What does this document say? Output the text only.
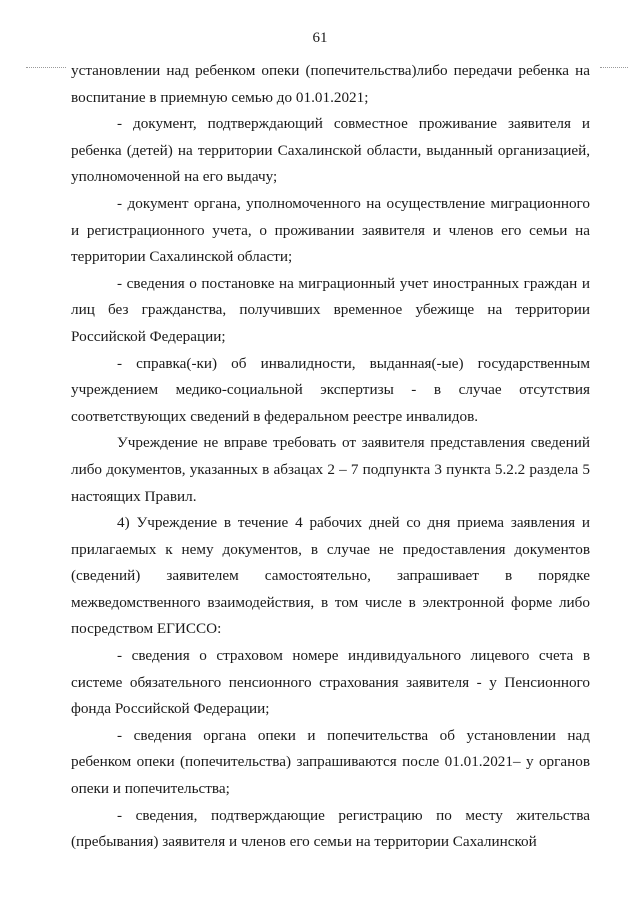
61

установлении над ребенком опеки (попечительства)либо передачи ребенка на воспитание в приемную семью до 01.01.2021;

- документ, подтверждающий совместное проживание заявителя и ребенка (детей) на территории Сахалинской области, выданный организацией, уполномоченной на его выдачу;

- документ органа, уполномоченного на осуществление миграционного и регистрационного учета, о проживании заявителя и членов его семьи на территории Сахалинской области;

- сведения о постановке на миграционный учет иностранных граждан и лиц без гражданства, получивших временное убежище на территории Российской Федерации;

- справка(-ки) об инвалидности, выданная(-ые) государственным учреждением медико-социальной экспертизы - в случае отсутствия соответствующих сведений в федеральном реестре инвалидов.

Учреждение не вправе требовать от заявителя представления сведений либо документов, указанных в абзацах 2 – 7 подпункта 3 пункта 5.2.2 раздела 5 настоящих Правил.

4) Учреждение в течение 4 рабочих дней со дня приема заявления и прилагаемых к нему документов, в случае не предоставления документов (сведений) заявителем самостоятельно, запрашивает в порядке межведомственного взаимодействия, в том числе в электронной форме либо посредством ЕГИССО:

- сведения о страховом номере индивидуального лицевого счета в системе обязательного пенсионного страхования заявителя - у Пенсионного фонда Российской Федерации;

- сведения органа опеки и попечительства об установлении над ребенком опеки (попечительства) запрашиваются после 01.01.2021– у органов опеки и попечительства;

- сведения, подтверждающие регистрацию по месту жительства (пребывания) заявителя и членов его семьи на территории Сахалинской
